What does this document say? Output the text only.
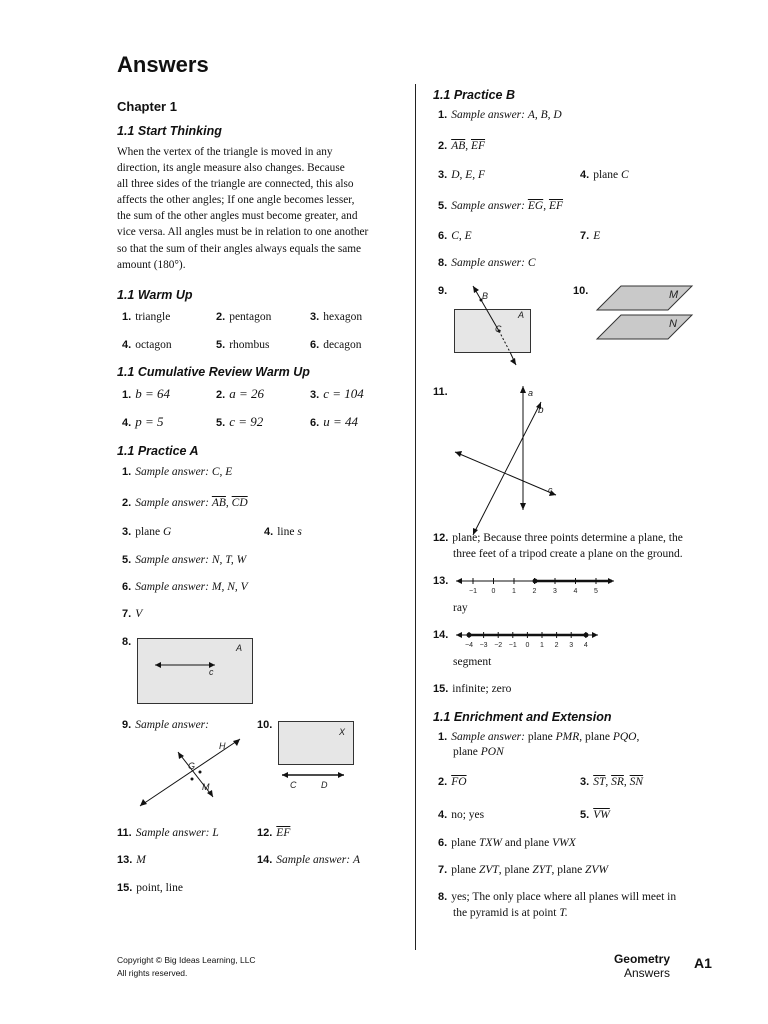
Answers
Chapter 1
1.1 Start Thinking
When the vertex of the triangle is moved in any
direction, its angle measure also changes. Because
all three sides of the triangle are connected, this also
affects the other angles; If one angle becomes lesser,
the sum of the other angles must become greater, and
vice versa. All angles must be in relation to one another
so that the sum of their angles always equals the same
amount (180°).
1.1 Warm Up
1. triangle	2. pentagon	3. hexagon
4. octagon	5. rhombus	6. decagon
1.1 Cumulative Review Warm Up
1. b = 64	2. a = 26	3. c = 104
4. p = 5	5. c = 92	6. u = 44
1.1 Practice A
1. Sample answer: C, E
2. Sample answer: $\overline{AB}$, $\overline{CD}$
3. plane G	4. line s
5. Sample answer: N, T, W
6. Sample answer: M, N, V
7. V
8.	A
c
9. Sample answer:
H
G
M
10.
X
C	D
11. Sample answer: L	12. $\overline{EF}$
13. M	14. Sample answer: A
15. point, line
1.1 Practice B
1. Sample answer: A, B, D
2. $\overline{AB}$, $\overline{EF}$
3. D, E, F	4. plane C
5. Sample answer: $\overline{EG}$, $\overline{EF}$
6. C, E	7. E
8. Sample answer: C
9.	B
A
C
10.	M
N
11.	a
b
c
12. plane; Because three points determine a plane, the
three feet of a tripod create a plane on the ground.
13.
−1 0 1 2 3 4 5
ray
14.
−4 −3 −2 −1 0 1 2 3 4
segment
15. infinite; zero
1.1 Enrichment and Extension
1. Sample answer: plane PMR, plane PQO,
plane PON
2. $\overline{FO}$	3. $\overline{ST}$, $\overline{SR}$, $\overline{SN}$
4. no; yes	5. $\overline{VW}$
6. plane TXW and plane VWX
7. plane ZVT, plane ZYT, plane ZVW
8. yes; The only place where all planes will meet in
the pyramid is at point T.
Copyright © Big Ideas Learning, LLC
All rights reserved.
Geometry
Answers
A1
